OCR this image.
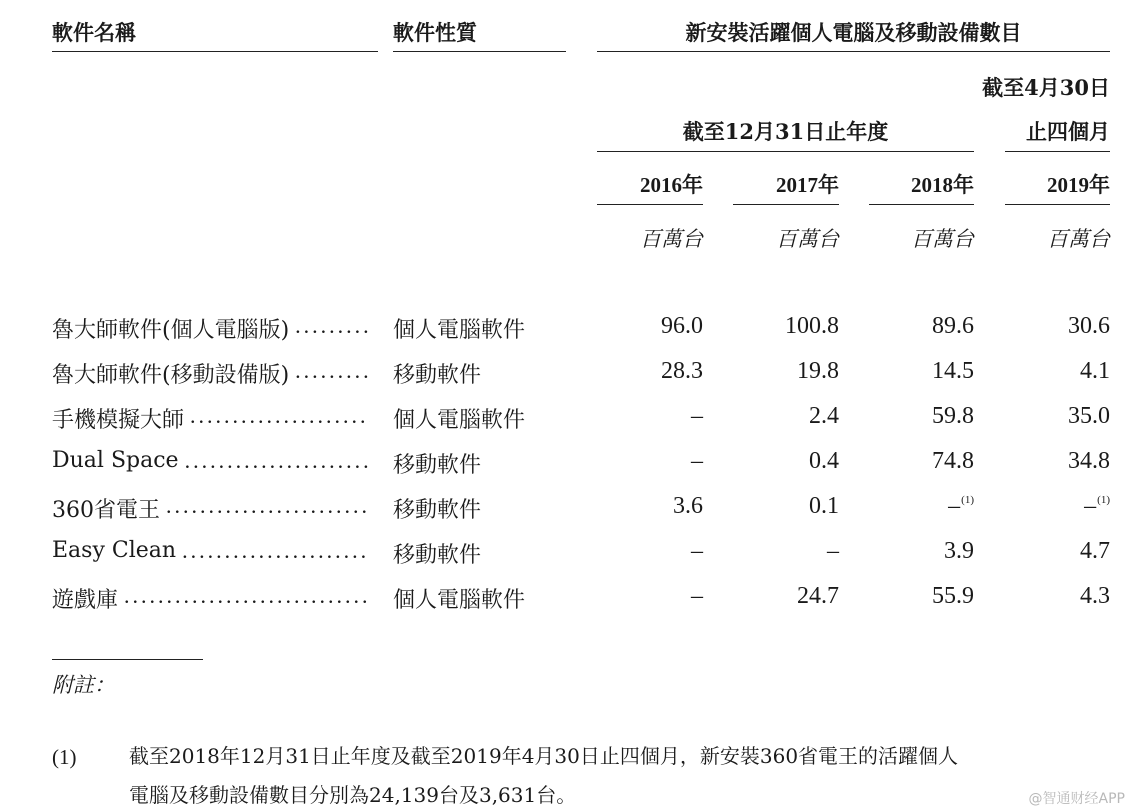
軟件名稱	軟件性質	新安裝活躍個人電腦及移動設備數目
截至4月30日
止四個月
截至12月31日止年度
2016年	2017年	2018年	2019年
百萬台	百萬台	百萬台	百萬台
魯大師軟件(個人電腦版) .....	個人電腦軟件	96.0	100.8	89.6	30.6
魯大師軟件(移動設備版) .....	移動軟件	28.3	19.8	14.5	4.1
手機模擬大師 .....	個人電腦軟件	–	2.4	59.8	35.0
Dual Space .....	移動軟件	–	0.4	74.8	34.8
360省電王 .....	移動軟件	3.6	0.1	–$^{(1)}$	–$^{(1)}$
Easy Clean .....	移動軟件	–	–	3.9	4.7
遊戲庫 .....	個人電腦軟件	–	24.7	55.9	4.3
附註：
(1)	截至2018年12月31日止年度及截至2019年4月30日止四個月，新安裝360省電王的活躍個人
電腦及移動設備數目分別為24,139台及3,631台。	@智通财经APP
